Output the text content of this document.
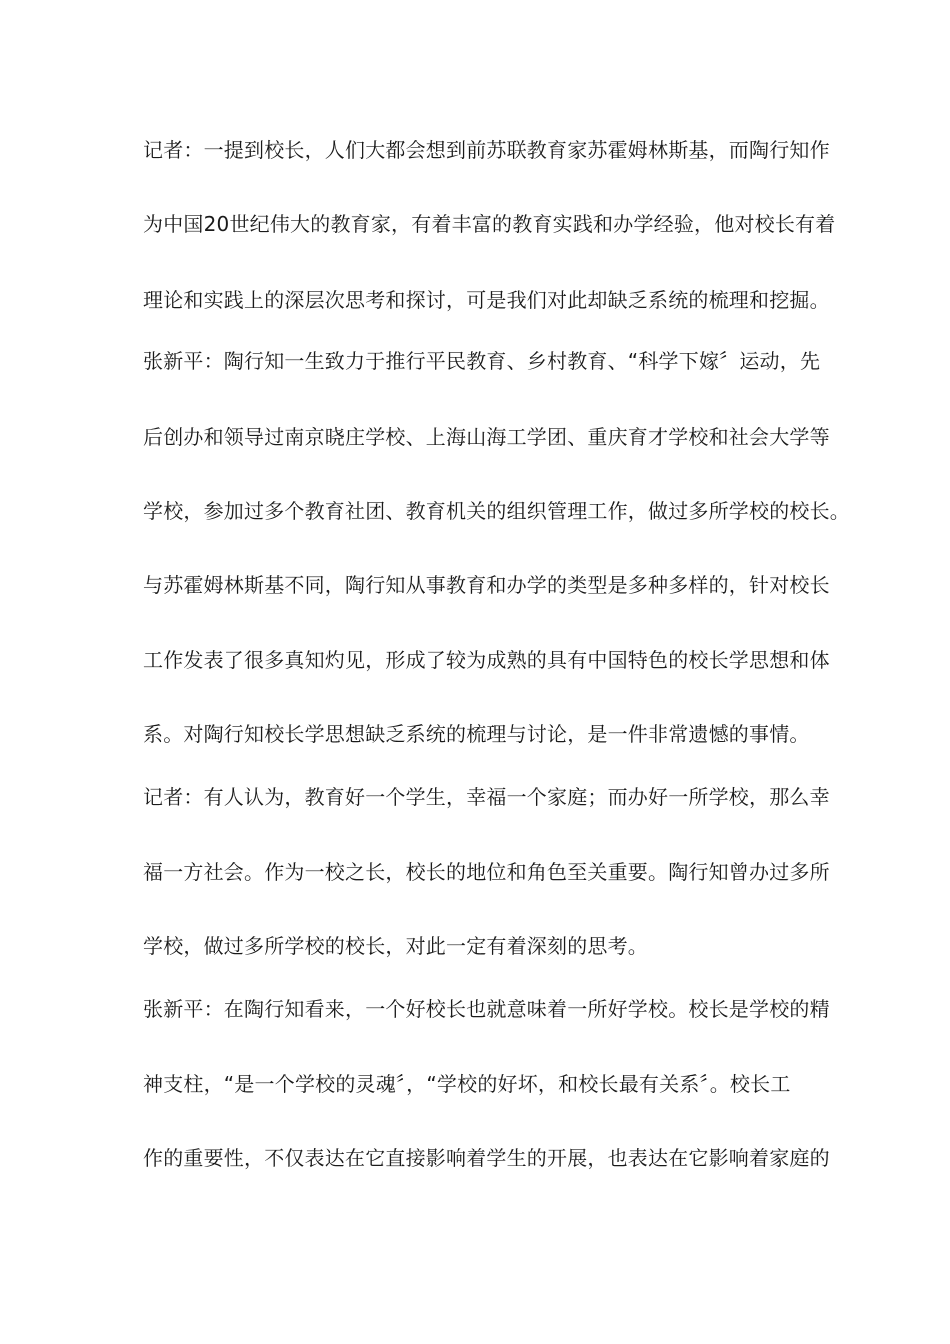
记者：一提到校长，人们大都会想到前苏联教育家苏霍姆林斯基，而陶行知作
为中国20世纪伟大的教育家，有着丰富的教育实践和办学经验，他对校长有着
理论和实践上的深层次思考和探讨，可是我们对此却缺乏系统的梳理和挖掘。
张新平：陶行知一生致力于推行平民教育、乡村教育、“科学下嫁〞运动，先
后创办和领导过南京晓庄学校、上海山海工学团、重庆育才学校和社会大学等
学校，参加过多个教育社团、教育机关的组织管理工作，做过多所学校的校长。
与苏霍姆林斯基不同，陶行知从事教育和办学的类型是多种多样的，针对校长
工作发表了很多真知灼见，形成了较为成熟的具有中国特色的校长学思想和体
系。对陶行知校长学思想缺乏系统的梳理与讨论，是一件非常遗憾的事情。
记者：有人认为，教育好一个学生，幸福一个家庭；而办好一所学校，那么幸
福一方社会。作为一校之长，校长的地位和角色至关重要。陶行知曾办过多所
学校，做过多所学校的校长，对此一定有着深刻的思考。
张新平：在陶行知看来，一个好校长也就意味着一所好学校。校长是学校的精
神支柱，“是一个学校的灵魂〞，“学校的好坏，和校长最有关系〞。校长工
作的重要性，不仅表达在它直接影响着学生的开展，也表达在它影响着家庭的
